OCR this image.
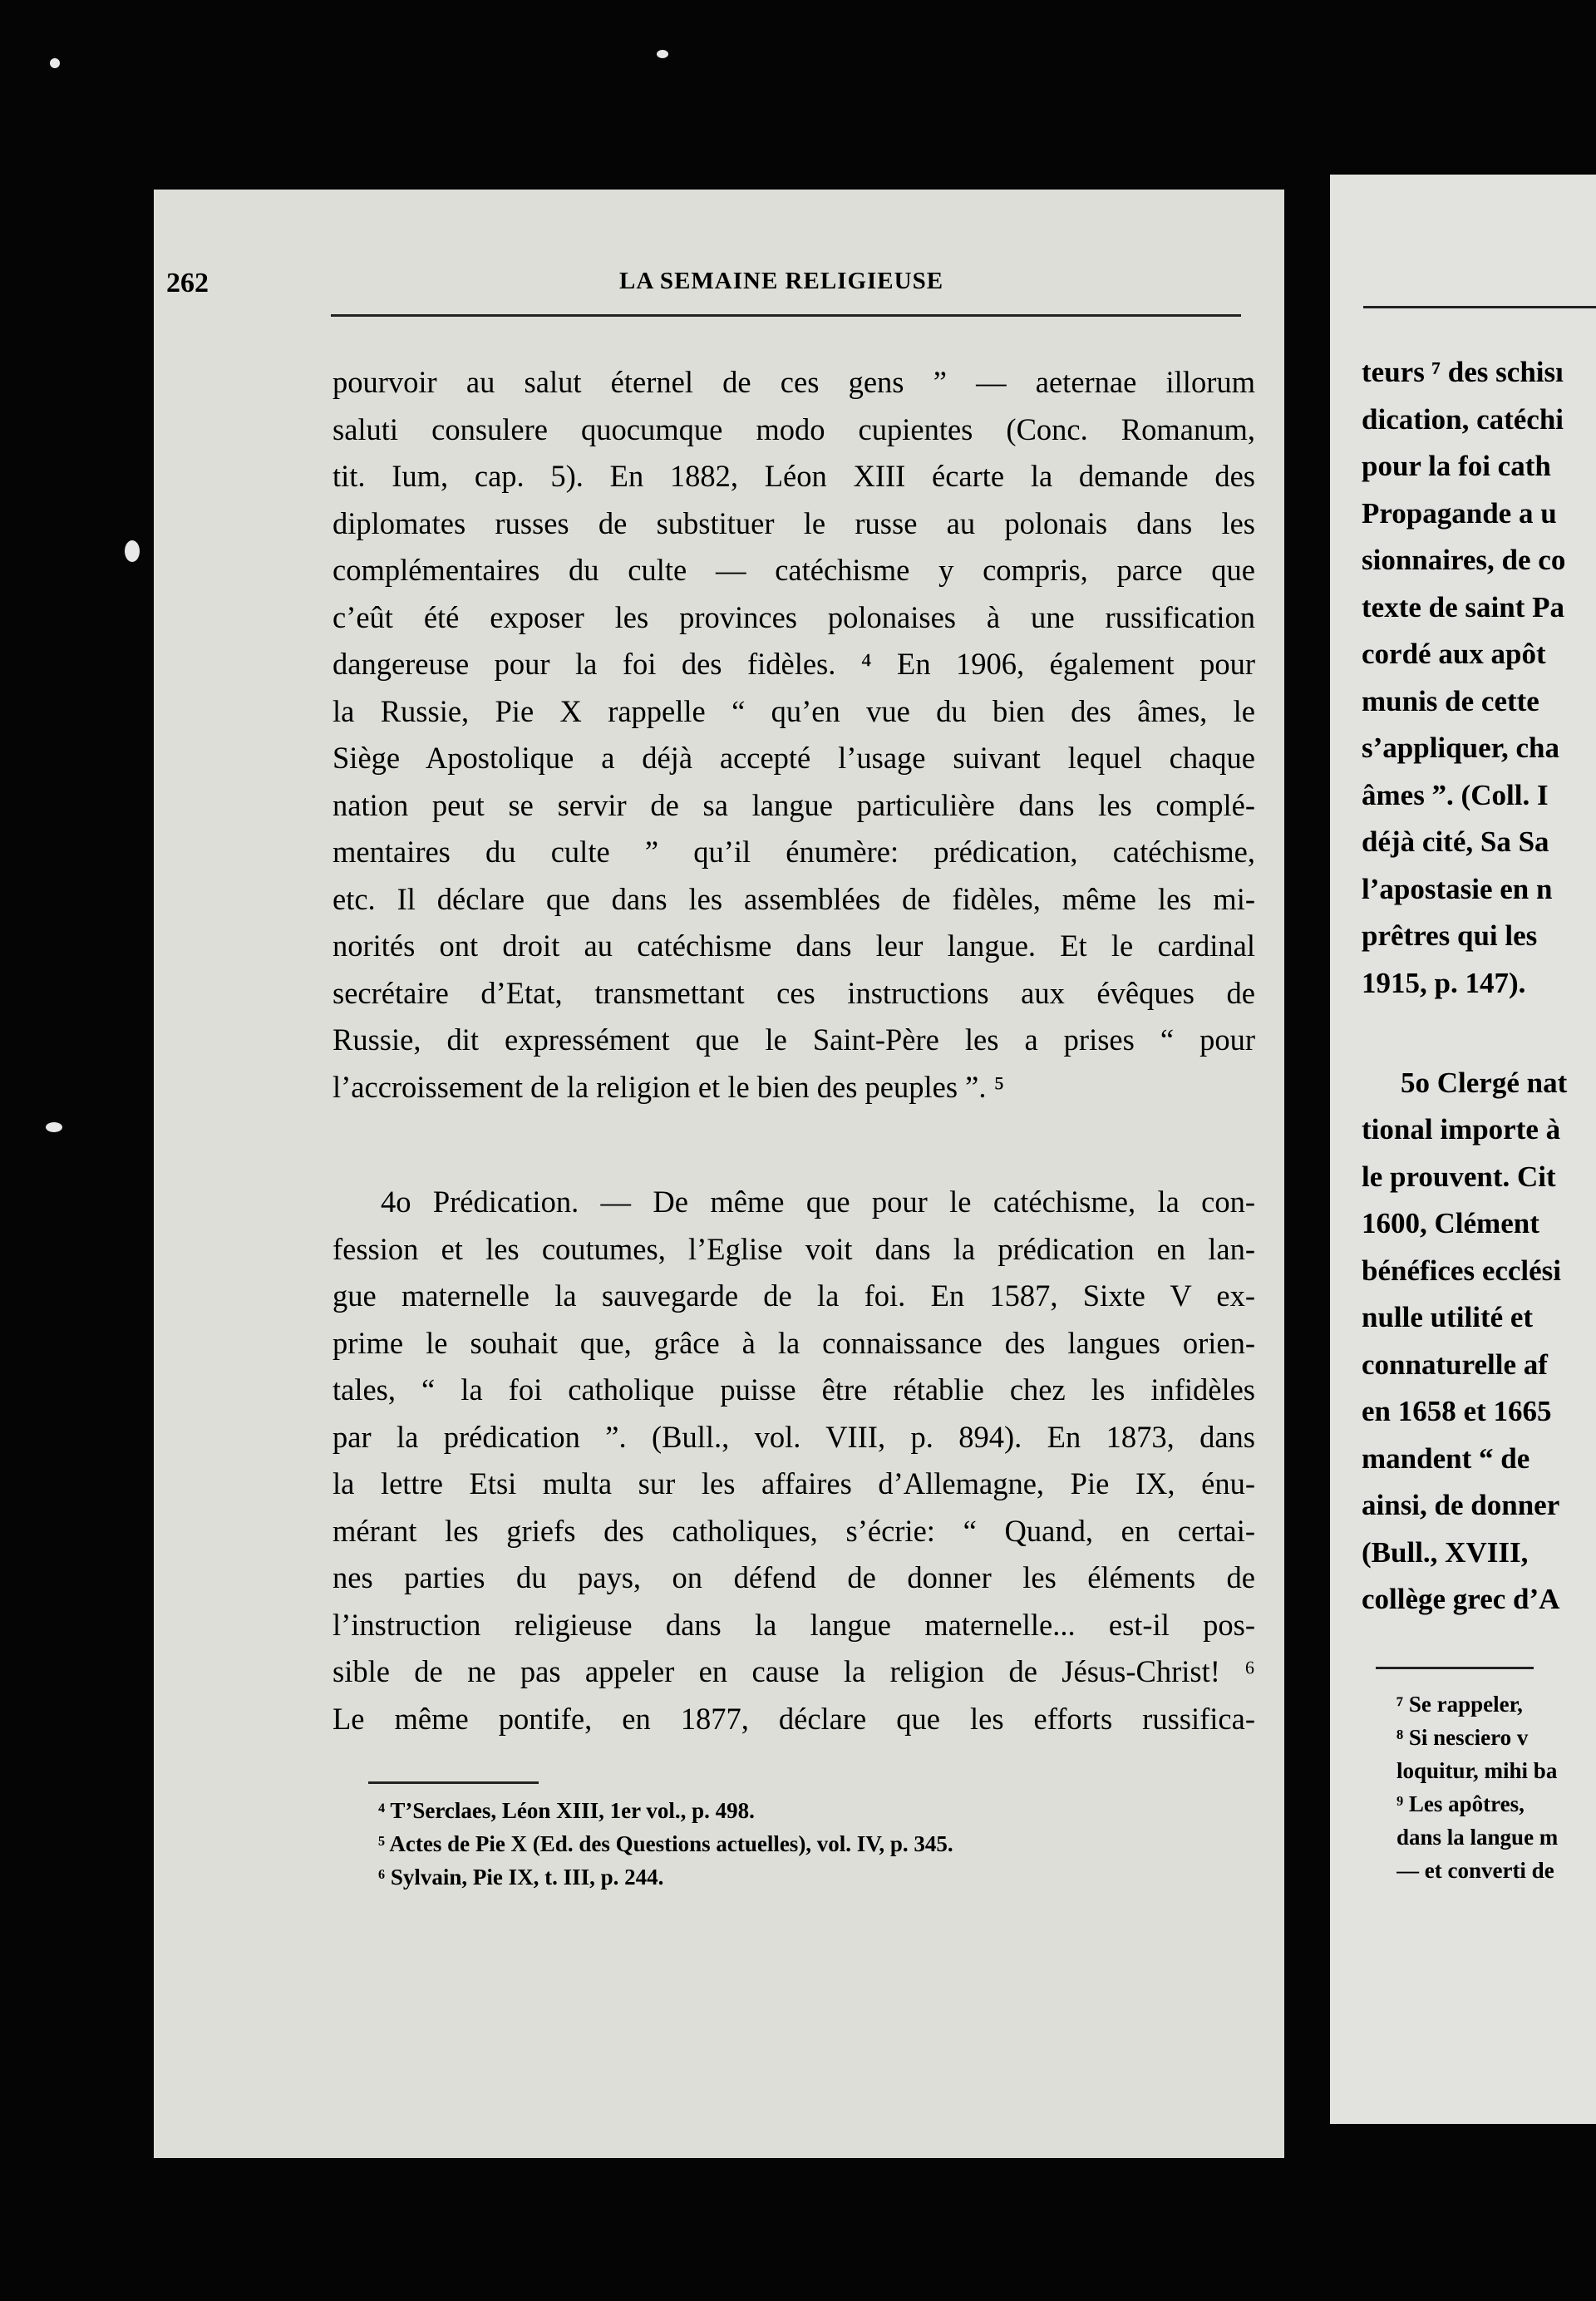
262	LA SEMAINE RELIGIEUSE
pourvoir au salut éternel de ces gens ” — aeternae illorum
saluti consulere quocumque modo cupientes (Conc. Romanum,
tit. Ium, cap. 5). En 1882, Léon XIII écarte la demande des
diplomates russes de substituer le russe au polonais dans les
complémentaires du culte — catéchisme y compris, parce que
c’eût été exposer les provinces polonaises à une russification
dangereuse pour la foi des fidèles. ⁴ En 1906, également pour
la Russie, Pie X rappelle “ qu’en vue du bien des âmes, le
Siège Apostolique a déjà accepté l’usage suivant lequel chaque
nation peut se servir de sa langue particulière dans les complé-
mentaires du culte ” qu’il énumère: prédication, catéchisme,
etc. Il déclare que dans les assemblées de fidèles, même les mi-
norités ont droit au catéchisme dans leur langue. Et le cardinal
secrétaire d’Etat, transmettant ces instructions aux évêques de
Russie, dit expressément que le Saint-Père les a prises “ pour
l’accroissement de la religion et le bien des peuples ”. ⁵
4o Prédication. — De même que pour le catéchisme, la con-
fession et les coutumes, l’Eglise voit dans la prédication en lan-
gue maternelle la sauvegarde de la foi. En 1587, Sixte V ex-
prime le souhait que, grâce à la connaissance des langues orien-
tales, “ la foi catholique puisse être rétablie chez les infidèles
par la prédication ”. (Bull., vol. VIII, p. 894). En 1873, dans
la lettre Etsi multa sur les affaires d’Allemagne, Pie IX, énu-
mérant les griefs des catholiques, s’écrie: “ Quand, en certai-
nes parties du pays, on défend de donner les éléments de
l’instruction religieuse dans la langue maternelle... est-il pos-
sible de ne pas appeler en cause la religion de Jésus-Christ! ⁶
Le même pontife, en 1877, déclare que les efforts russifica-
⁴ T’Serclaes, Léon XIII, 1er vol., p. 498.
⁵ Actes de Pie X (Ed. des Questions actuelles), vol. IV, p. 345.
⁶ Sylvain, Pie IX, t. III, p. 244.
teurs ⁷ des schisı
dication, catéchi
pour la foi cath
Propagande a u
sionnaires, de co
texte de saint Pa
cordé aux apôt
munis de cette
s’appliquer, cha
âmes ”. (Coll. I
déjà cité, Sa Sa
l’apostasie en n
prêtres qui les
1915, p. 147).
5o Clergé nat
tional importe à
le prouvent. Cit
1600, Clément
bénéfices ecclési
nulle utilité et
connaturelle af
en 1658 et 1665
mandent “ de
ainsi, de donner
(Bull., XVIII,
collège grec d’A
⁷ Se rappeler,
⁸ Si nesciero v
loquitur, mihi ba
⁹ Les apôtres,
dans la langue m
— et converti de
